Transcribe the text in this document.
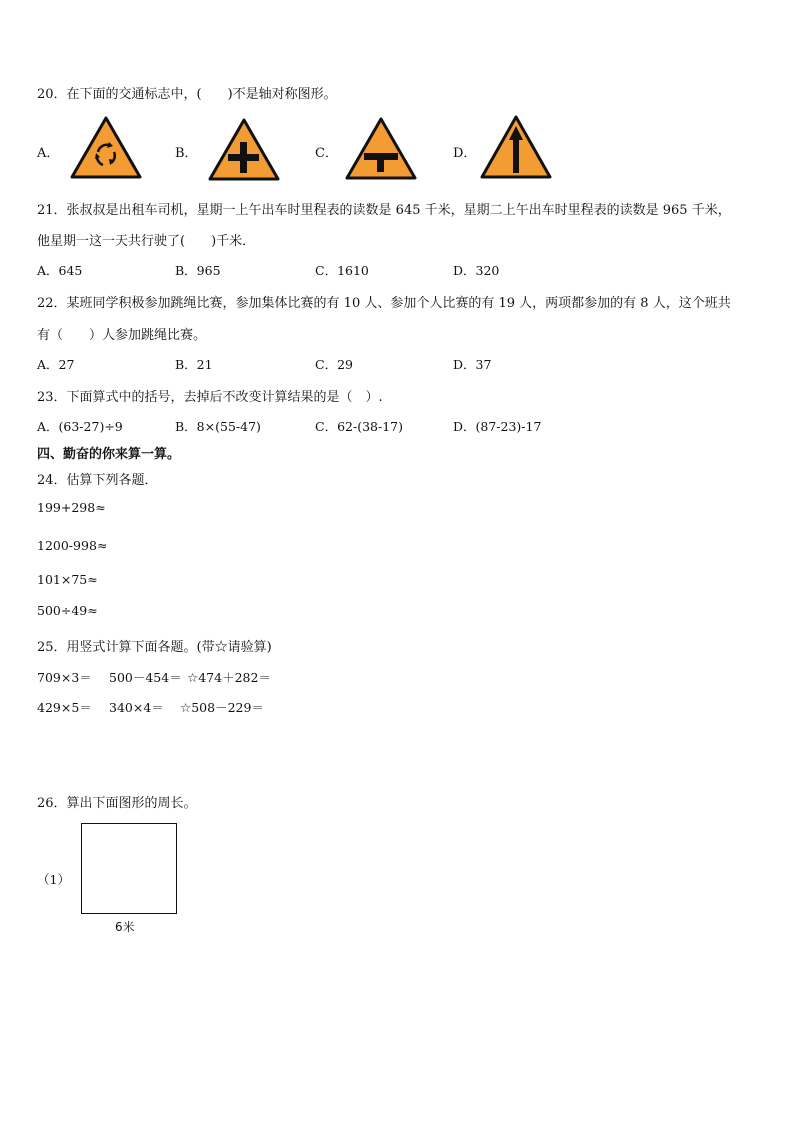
20．在下面的交通标志中，(　　)不是轴对称图形。
A．	B．	C．	D．
21．张叔叔是出租车司机，星期一上午出车时里程表的读数是 645 千米，星期二上午出车时里程表的读数是 965 千米，
他星期一这一天共行驶了(　　)千米．
A．645	B．965	C．1610	D．320
22．某班同学积极参加跳绳比赛，参加集体比赛的有 10 人、参加个人比赛的有 19 人，两项都参加的有 8 人，这个班共
有（　　）人参加跳绳比赛。
A．27	B．21	C．29	D．37
23．下面算式中的括号，去掉后不改变计算结果的是（　）.
A．(63-27)÷9	B．8×(55-47)	C．62-(38-17)	D．(87-23)-17
四、勤奋的你来算一算。
24．估算下列各题．
199+298≈
1200-998≈
101×75≈
500÷49≈
25．用竖式计算下面各题。(带☆请验算)
709×3＝ 500－454＝ ☆474＋282＝
429×5＝ 340×4＝ ☆508－229＝
26．算出下面图形的周长。
（1）
6米
